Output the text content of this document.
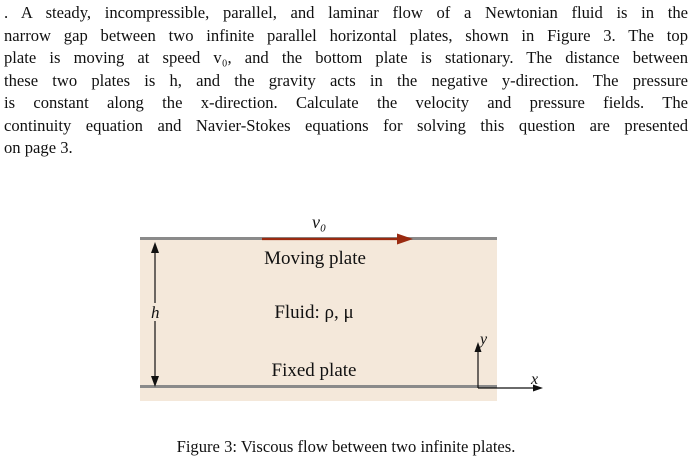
. A steady, incompressible, parallel, and laminar flow of a Newtonian fluid is in the
narrow gap between two infinite parallel horizontal plates, shown in Figure 3. The top
plate is moving at speed v₀, and the bottom plate is stationary. The distance between
these two plates is h, and the gravity acts in the negative y-direction. The pressure
is constant along the x-direction. Calculate the velocity and pressure fields. The
continuity equation and Navier-Stokes equations for solving this question are presented
on page 3.
v₀
Moving plate
Fluid: ρ, μ
Fixed plate
h
y
x
Figure 3: Viscous flow between two infinite plates.
